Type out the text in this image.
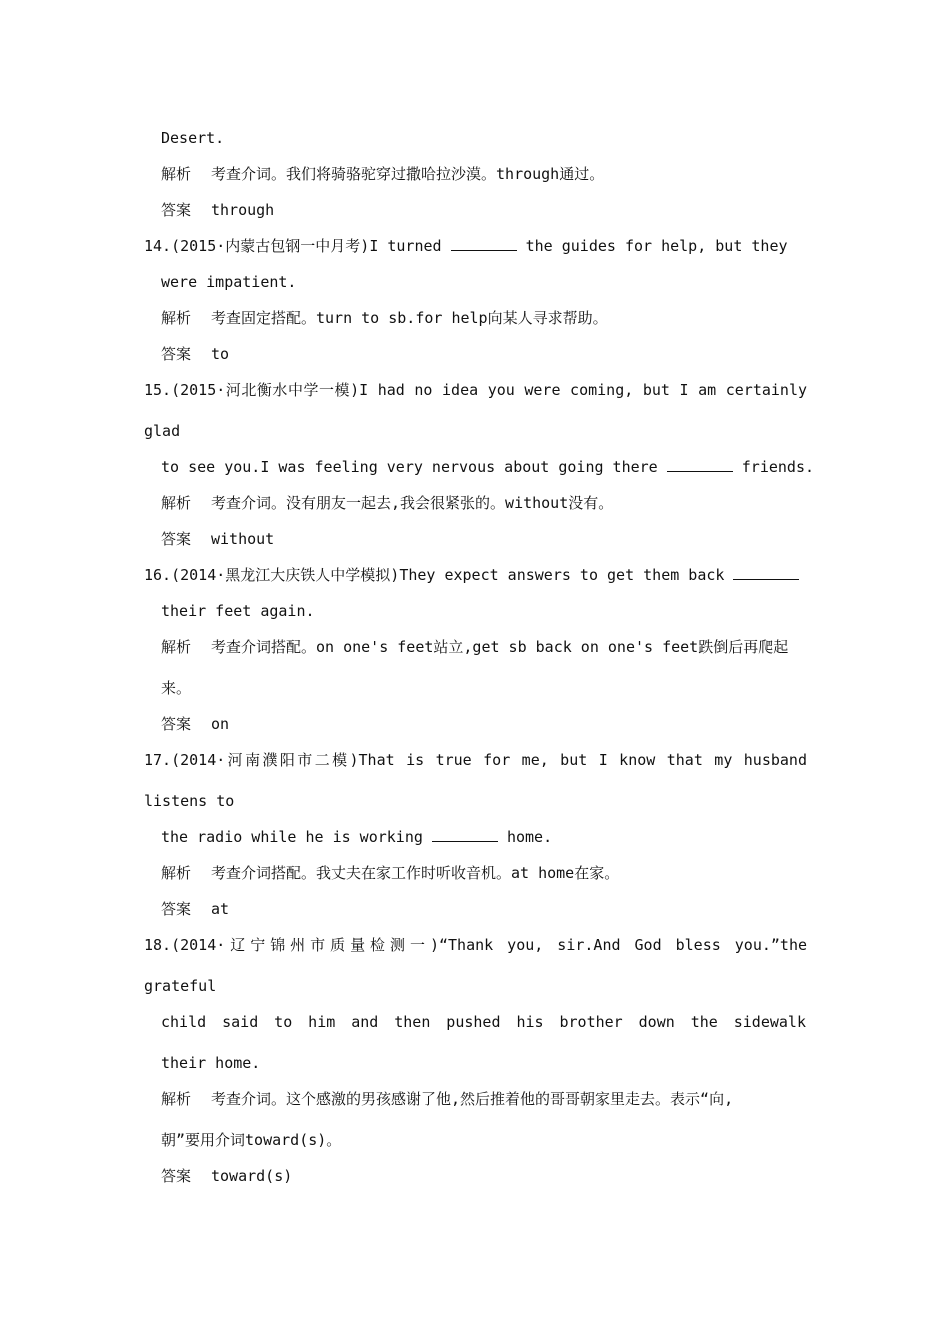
Desert.
解析 考查介词。我们将骑骆驼穿过撒哈拉沙漠。through通过。
答案 through
14.(2015·内蒙古包钢一中月考)I turned	the guides for help, but they
were impatient.
解析 考查固定搭配。turn to sb.for help向某人寻求帮助。
答案 to
15.(2015·河北衡水中学一模)I had no idea you were coming, but I am certainly
glad
to see you.I was feeling very nervous about going there	friends.
解析 考查介词。没有朋友一起去,我会很紧张的。without没有。
答案 without
16.(2014·黑龙江大庆铁人中学模拟)They expect answers to get them back
their feet again.
解析 考查介词搭配。on one's feet站立,get sb back on one's feet跌倒后再爬起
来。
答案 on
17.(2014·河南濮阳市二模)That is true for me, but I know that my husband
listens to
the radio while he is working	home.
解析 考查介词搭配。我丈夫在家工作时听收音机。at home在家。
答案 at
18.(2014·辽宁锦州市质量检测一)“Thank you, sir.And God bless you.”the
grateful
child said to him and then pushed his brother down the sidewalk
their home.
解析 考查介词。这个感激的男孩感谢了他,然后推着他的哥哥朝家里走去。表示“向,
朝”要用介词toward(s)。
答案 toward(s)
